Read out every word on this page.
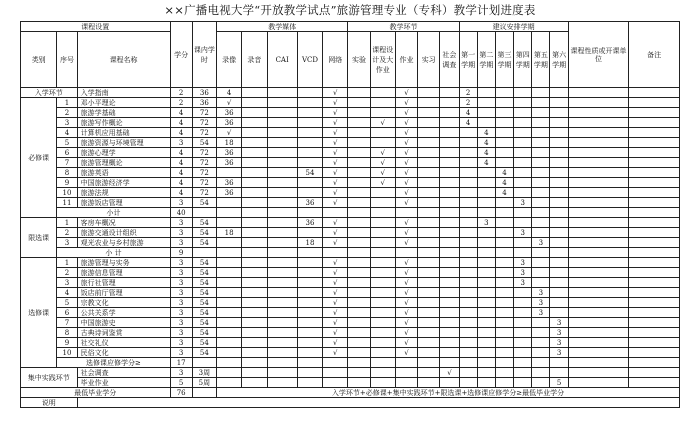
××广播电视大学“开放教学试点”旅游管理专业（专科）教学计划进度表
课程设置			学分	课内学时	教学媒体					教学环节					建议安排学期						课程性质或开课单位	备注
类别	序号	课程名称			录像	录音	CAI	VCD	网络	实验	课程设计及大作业	作业	实习	社会调查	第一学期	第二学期	第三学期	第四学期	第五学期	第六学期		
入学环节		入学指南	2	36	4				√			√			2							
必修课	1	邓小平理论	2	36	√				√			√			2							
	2	旅游学基础	4	72	36				√			√			4							
	3	旅游写作概论	4	72	36				√		√	√			4							
	4	计算机应用基础	4	72	√				√			√				4						
	5	旅游资源与环境管理	3	54	18				√			√				4						
	6	旅游心理学	4	72	36				√		√	√				4						
	7	旅游管理概论	4	72	36				√		√	√				4						
	8	旅游英语	4	72				54	√		√	√					4					
	9	中国旅游经济学	4	72	36				√		√	√					4					
	10	旅游法规	4	72	36				√			√					4					
	11	旅游饭店管理	3	54				36	√			√						3				
	小计		40																			
限选课	1	客房车概况	3	54				36	√			√				3						
	2	旅游交通设计组织	3	54	18				√			√						3				
	3	观光农业与乡村旅游	3	54				18	√			√							3			
	小 计		9																			
选修课	1	旅游管理与实务	3	54					√			√						3				
	2	旅游信息管理	3	54					√			√						3				
	3	旅行社管理	3	54					√			√						3				
	4	饭店前厅管理	3	54					√			√							3			
	5	宗教文化	3	54					√			√							3			
	6	公共关系学	3	54					√			√							3			
	7	中国旅游史	3	54					√			√								3		
	8	古典诗词鉴赏	3	54					√			√								3		
	9	社交礼仪	3	54					√			√								3		
	10	民俗文化	3	54					√			√								3		
	选修课应修学分≥		17																			
集中实践环节		社会调查	3	3周										√								
		毕业作业	5	5周																5		
最低毕业学分			76		入学环节+必修课+集中实践环节+限选课+选修课应修学分≥最低毕业学分																	
说明																						
